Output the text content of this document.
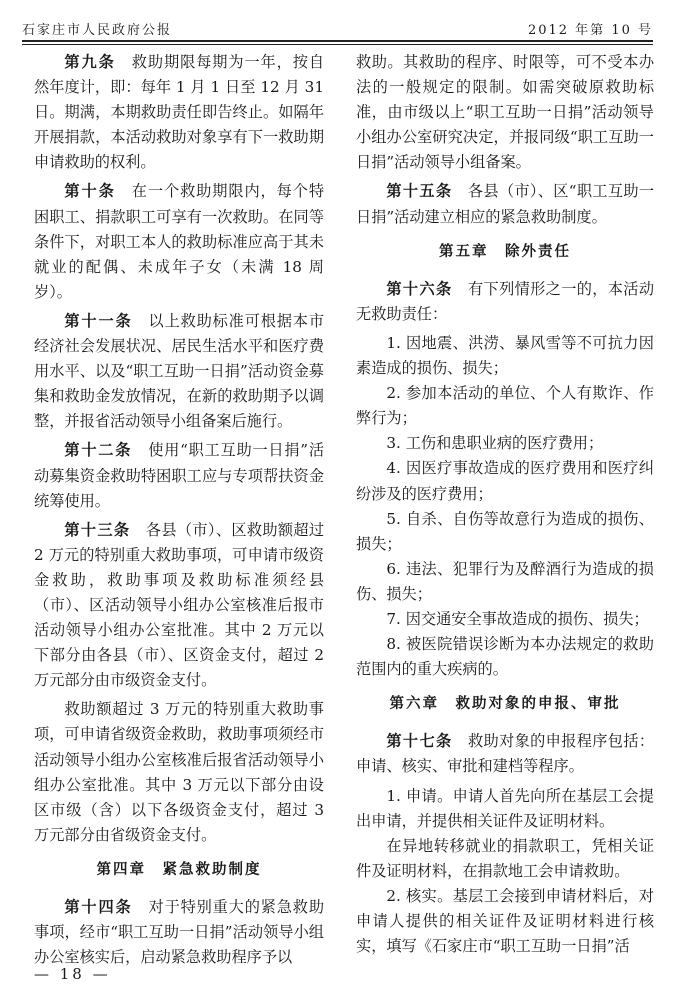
石家庄市人民政府公报	2012 年第 10 号

第九条　 救助期限每期为一年，按自然年度计，即：每年 1 月 1 日至 12 月 31 日。期满，本期救助责任即告终止。如隔年开展捐款，本活动救助对象享有下一救助期申请救助的权利。

第十条　 在一个救助期限内，每个特困职工、捐款职工可享有一次救助。在同等条件下，对职工本人的救助标准应高于其未就业的配偶、未成年子女（未满 18 周岁）。

第十一条　 以上救助标准可根据本市经济社会发展状况、居民生活水平和医疗费用水平、以及“职工互助一日捐”活动资金募集和救助金发放情况，在新的救助期予以调整，并报省活动领导小组备案后施行。

第十二条　 使用“职工互助一日捐”活动募集资金救助特困职工应与专项帮扶资金统筹使用。

第十三条　 各县（市）、区救助额超过 2 万元的特别重大救助事项，可申请市级资金救助，救助事项及救助标准须经县（市）、区活动领导小组办公室核准后报市活动领导小组办公室批准。其中 2 万元以下部分由各县（市）、区资金支付，超过 2 万元部分由市级资金支付。

救助额超过 3 万元的特别重大救助事项，可申请省级资金救助，救助事项须经市活动领导小组办公室核准后报省活动领导小组办公室批准。其中 3 万元以下部分由设区市级（含）以下各级资金支付，超过 3 万元部分由省级资金支付。

第四章　紧急救助制度

第十四条　 对于特别重大的紧急救助事项，经市“职工互助一日捐”活动领导小组办公室核实后，启动紧急救助程序予以

救助。其救助的程序、时限等，可不受本办法的一般规定的限制。如需突破原救助标准，由市级以上“职工互助一日捐”活动领导小组办公室研究决定，并报同级“职工互助一日捐”活动领导小组备案。

第十五条　 各县（市）、区“职工互助一日捐”活动建立相应的紧急救助制度。

第五章　除外责任

第十六条　 有下列情形之一的，本活动无救助责任：

1. 因地震、洪涝、暴风雪等不可抗力因素造成的损伤、损失；

2. 参加本活动的单位、个人有欺诈、作弊行为；

3. 工伤和患职业病的医疗费用；

4. 因医疗事故造成的医疗费用和医疗纠纷涉及的医疗费用；

5. 自杀、自伤等故意行为造成的损伤、损失；

6. 违法、犯罪行为及醉酒行为造成的损伤、损失；

7. 因交通安全事故造成的损伤、损失；

8. 被医院错误诊断为本办法规定的救助范围内的重大疾病的。

第六章　救助对象的申报、审批

第十七条　 救助对象的申报程序包括：申请、核实、审批和建档等程序。

1. 申请。申请人首先向所在基层工会提出申请，并提供相关证件及证明材料。

在异地转移就业的捐款职工，凭相关证件及证明材料，在捐款地工会申请救助。

2. 核实。基层工会接到申请材料后，对申请人提供的相关证件及证明材料进行核实，填写《石家庄市“职工互助一日捐”活

— 18 —
